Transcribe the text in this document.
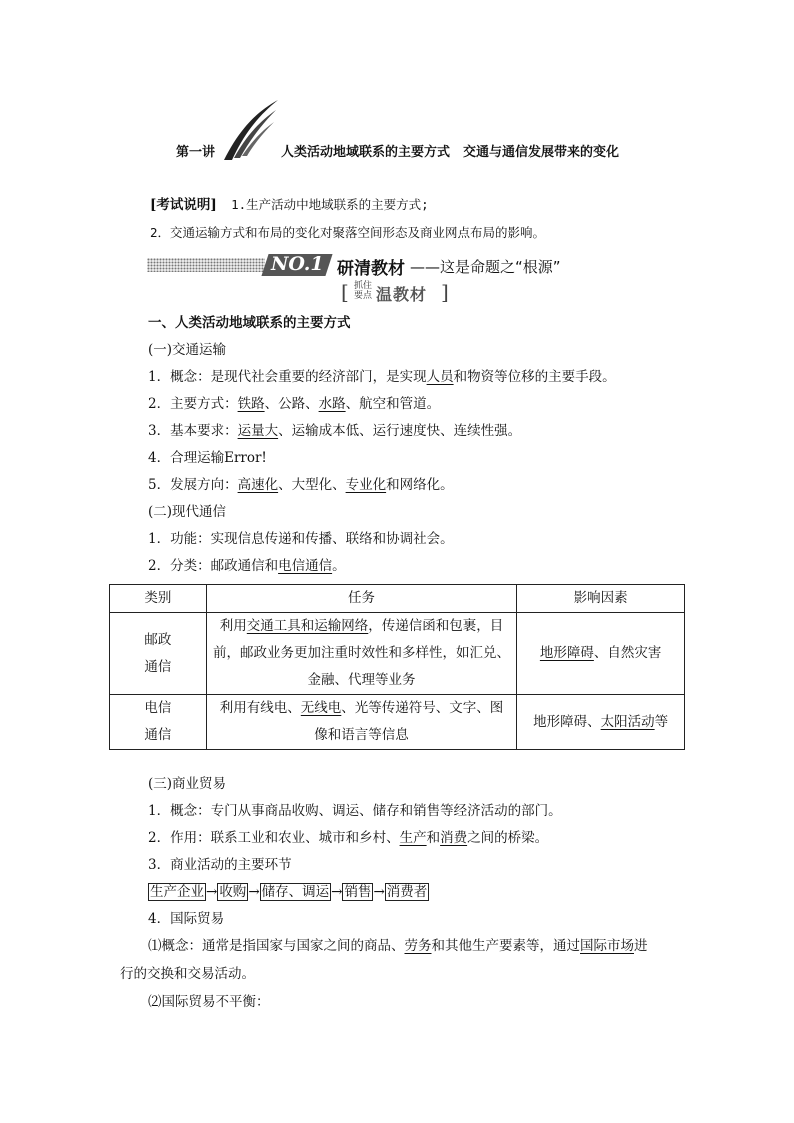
第一讲	人类活动地域联系的主要方式　交通与通信发展带来的变化
[考试说明] 1.生产活动中地域联系的主要方式;
2．交通运输方式和布局的变化对聚落空间形态及商业网点布局的影响。
NO.1 研清教材 ——这是命题之“根源”
[ 抓住
要点 温教材 ]
一、人类活动地域联系的主要方式
(一)交通运输
1．概念：是现代社会重要的经济部门，是实现人员和物资等位移的主要手段。
2．主要方式：铁路、公路、水路、航空和管道。
3．基本要求：运量大、运输成本低、运行速度快、连续性强。
4．合理运输Error!
5．发展方向：高速化、大型化、专业化和网络化。
(二)现代通信
1．功能：实现信息传递和传播、联络和协调社会。
2．分类：邮政通信和电信通信。
类别	任务	影响因素
邮政
通信	利用交通工具和运输网络，传递信函和包裹，目
前，邮政业务更加注重时效性和多样性，如汇兑、
金融、代理等业务	地形障碍、自然灾害
电信
通信	利用有线电、无线电、光等传递符号、文字、图
像和语言等信息	地形障碍、太阳活动等
(三)商业贸易
1．概念：专门从事商品收购、调运、储存和销售等经济活动的部门。
2．作用：联系工业和农业、城市和乡村、生产和消费之间的桥梁。
3．商业活动的主要环节
生产企业 → 收购 → 储存、调运 → 销售 → 消费者
4．国际贸易
⑴概念：通常是指国家与国家之间的商品、劳务和其他生产要素等，通过国际市场进
行的交换和交易活动。
⑵国际贸易不平衡：
